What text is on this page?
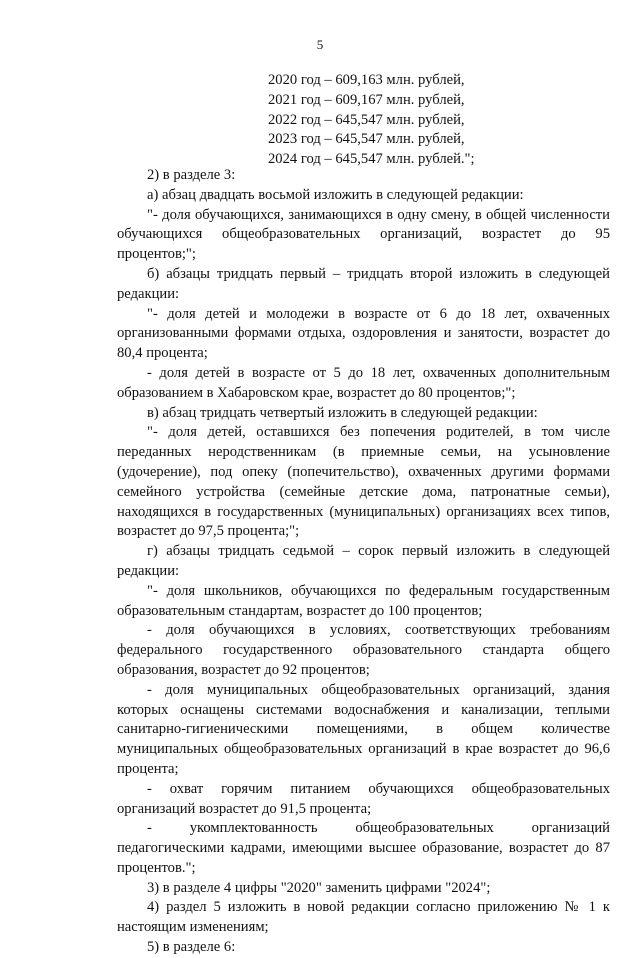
5
2020 год – 609,163 млн. рублей,
2021 год – 609,167 млн. рублей,
2022 год – 645,547 млн. рублей,
2023 год – 645,547 млн. рублей,
2024 год – 645,547 млн. рублей.";

2) в разделе 3:

а) абзац двадцать восьмой изложить в следующей редакции:

"- доля обучающихся, занимающихся в одну смену, в общей численности обучающихся общеобразовательных организаций, возрастет до 95 процентов;";

б) абзацы тридцать первый – тридцать второй изложить в следующей редакции:

"- доля детей и молодежи в возрасте от 6 до 18 лет, охваченных организованными формами отдыха, оздоровления и занятости, возрастет до 80,4 процента;

- доля детей в возрасте от 5 до 18 лет, охваченных дополнительным образованием в Хабаровском крае, возрастет до 80 процентов;";

в) абзац тридцать четвертый изложить в следующей редакции:

"- доля детей, оставшихся без попечения родителей, в том числе переданных неродственникам (в приемные семьи, на усыновление (удочерение), под опеку (попечительство), охваченных другими формами семейного устройства (семейные детские дома, патронатные семьи), находящихся в государственных (муниципальных) организациях всех типов, возрастет до 97,5 процента;";

г) абзацы тридцать седьмой – сорок первый изложить в следующей редакции:

"- доля школьников, обучающихся по федеральным государственным образовательным стандартам, возрастет до 100 процентов;

- доля обучающихся в условиях, соответствующих требованиям федерального государственного образовательного стандарта общего образования, возрастет до 92 процентов;

- доля муниципальных общеобразовательных организаций, здания которых оснащены системами водоснабжения и канализации, теплыми санитарно-гигиеническими помещениями, в общем количестве муниципальных общеобразовательных организаций в крае возрастет до 96,6 процента;

- охват горячим питанием обучающихся общеобразовательных организаций возрастет до 91,5 процента;

- укомплектованность общеобразовательных организаций педагогическими кадрами, имеющими высшее образование, возрастет до 87 процентов.";

3) в разделе 4 цифры "2020" заменить цифрами "2024";

4) раздел 5 изложить в новой редакции согласно приложению № 1 к настоящим изменениям;

5) в разделе 6:
